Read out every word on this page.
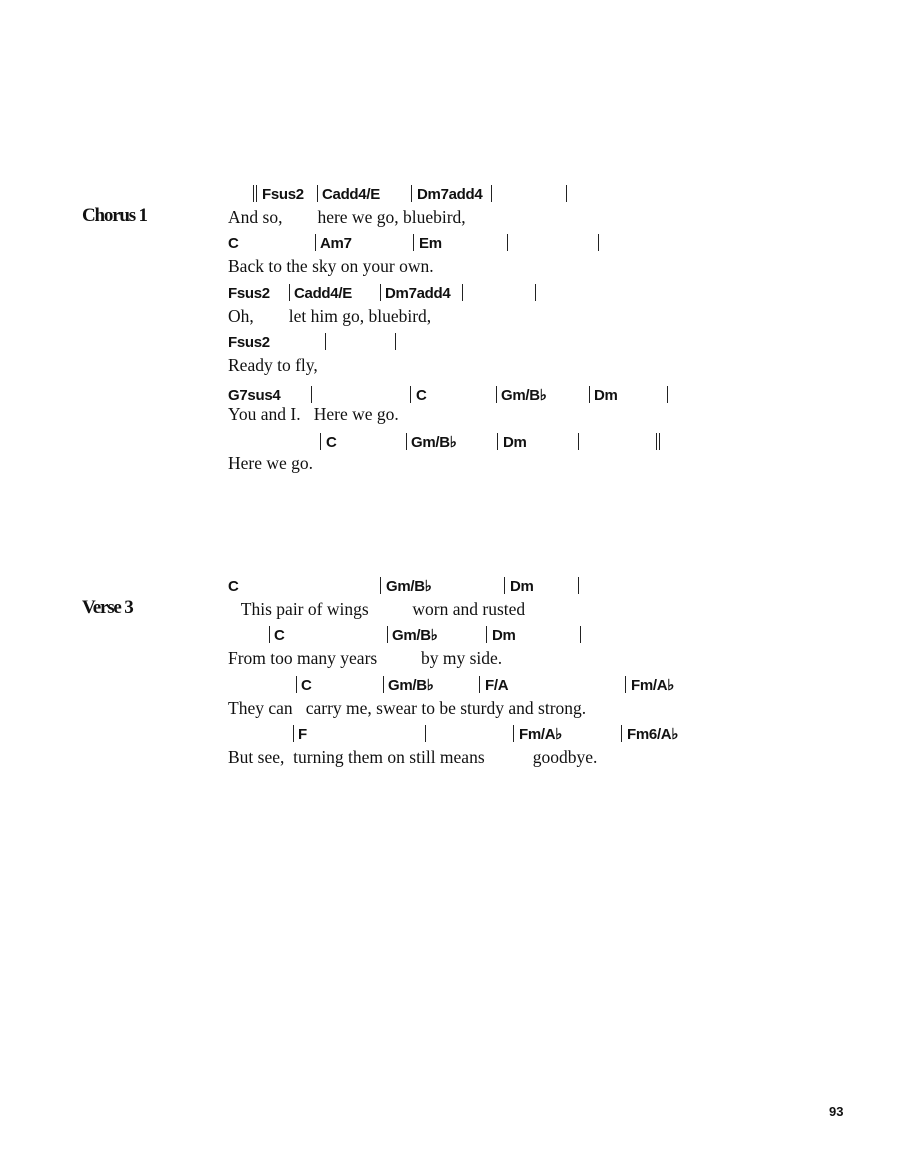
Chorus 1
Fsus2 Cadd4/E Dm7add4
And so,        here we go, bluebird,
C	Am7	Em
Back to the sky on your own.
Fsus2 Cadd4/E Dm7add4
Oh,        let him go, bluebird,
Fsus2
Ready to fly,
G7sus4	C	Gm/B♭	Dm
You and I.   Here we go.
C	Gm/B♭	Dm
Here we go.
Verse 3
C	Gm/B♭	Dm
This pair of wings          worn and rusted
C	Gm/B♭	Dm
From too many years          by my side.
C	Gm/B♭	F/A	Fm/A♭
They can   carry me, swear to be sturdy and strong.
F	Fm/A♭	Fm6/A♭
But see,  turning them on still means           goodbye.
93
